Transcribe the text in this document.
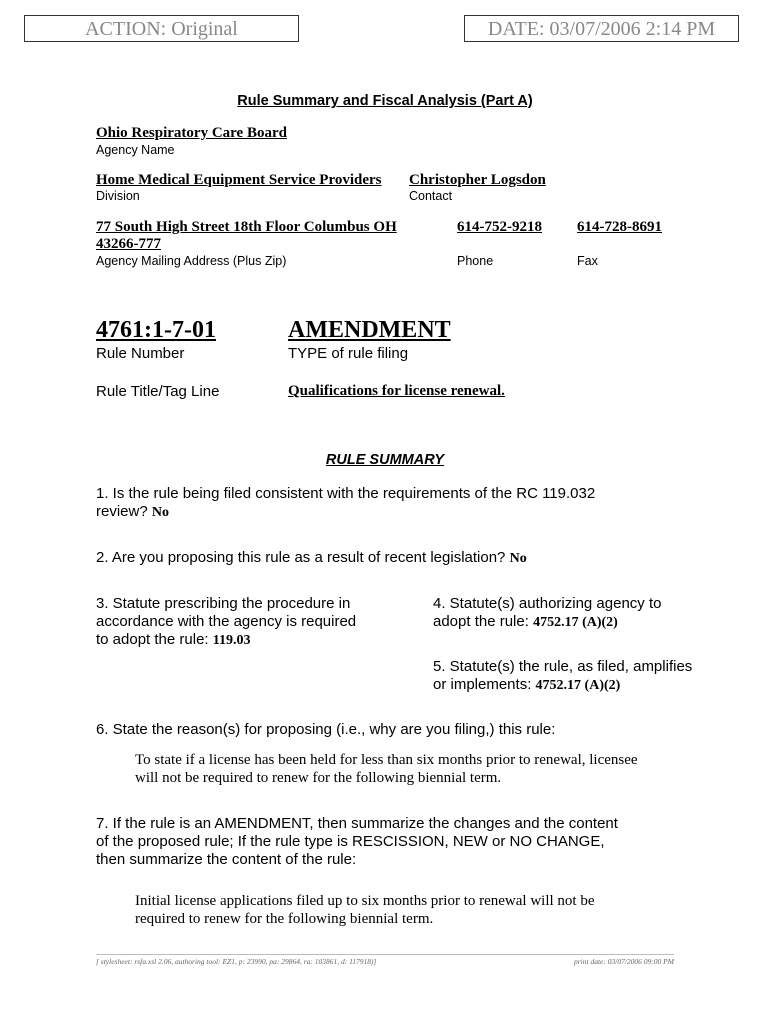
ACTION: Original	DATE: 03/07/2006 2:14 PM
Rule Summary and Fiscal Analysis (Part A)
Ohio Respiratory Care Board
Agency Name
Home Medical Equipment Service Providers
Division
Christopher Logsdon
Contact
77 South High Street 18th Floor Columbus OH
43266-777
Agency Mailing Address (Plus Zip)
614-752-9218
Phone
614-728-8691
Fax
4761:1-7-01
Rule Number
AMENDMENT
TYPE of rule filing
Rule Title/Tag Line	Qualifications for license renewal.
RULE SUMMARY
1. Is the rule being filed consistent with the requirements of the RC 119.032
review? No
2. Are you proposing this rule as a result of recent legislation? No
3. Statute prescribing the procedure in
accordance with the agency is required
to adopt the rule: 119.03
4. Statute(s) authorizing agency to
adopt the rule: 4752.17 (A)(2)
5. Statute(s) the rule, as filed, amplifies
or implements: 4752.17 (A)(2)
6. State the reason(s) for proposing (i.e., why are you filing,) this rule:
To state if a license has been held for less than six months prior to renewal, licensee
will not be required to renew for the following biennial term.
7. If the rule is an AMENDMENT, then summarize the changes and the content
of the proposed rule; If the rule type is RESCISSION, NEW or NO CHANGE,
then summarize the content of the rule:
Initial license applications filed up to six months prior to renewal will not be
required to renew for the following biennial term.
[ stylesheet: rsfa.xsl 2.06, authoring tool: EZ1, p: 23990, pa: 29864, ra: 103861, d: 117918)]	print date: 03/07/2006 09:00 PM
